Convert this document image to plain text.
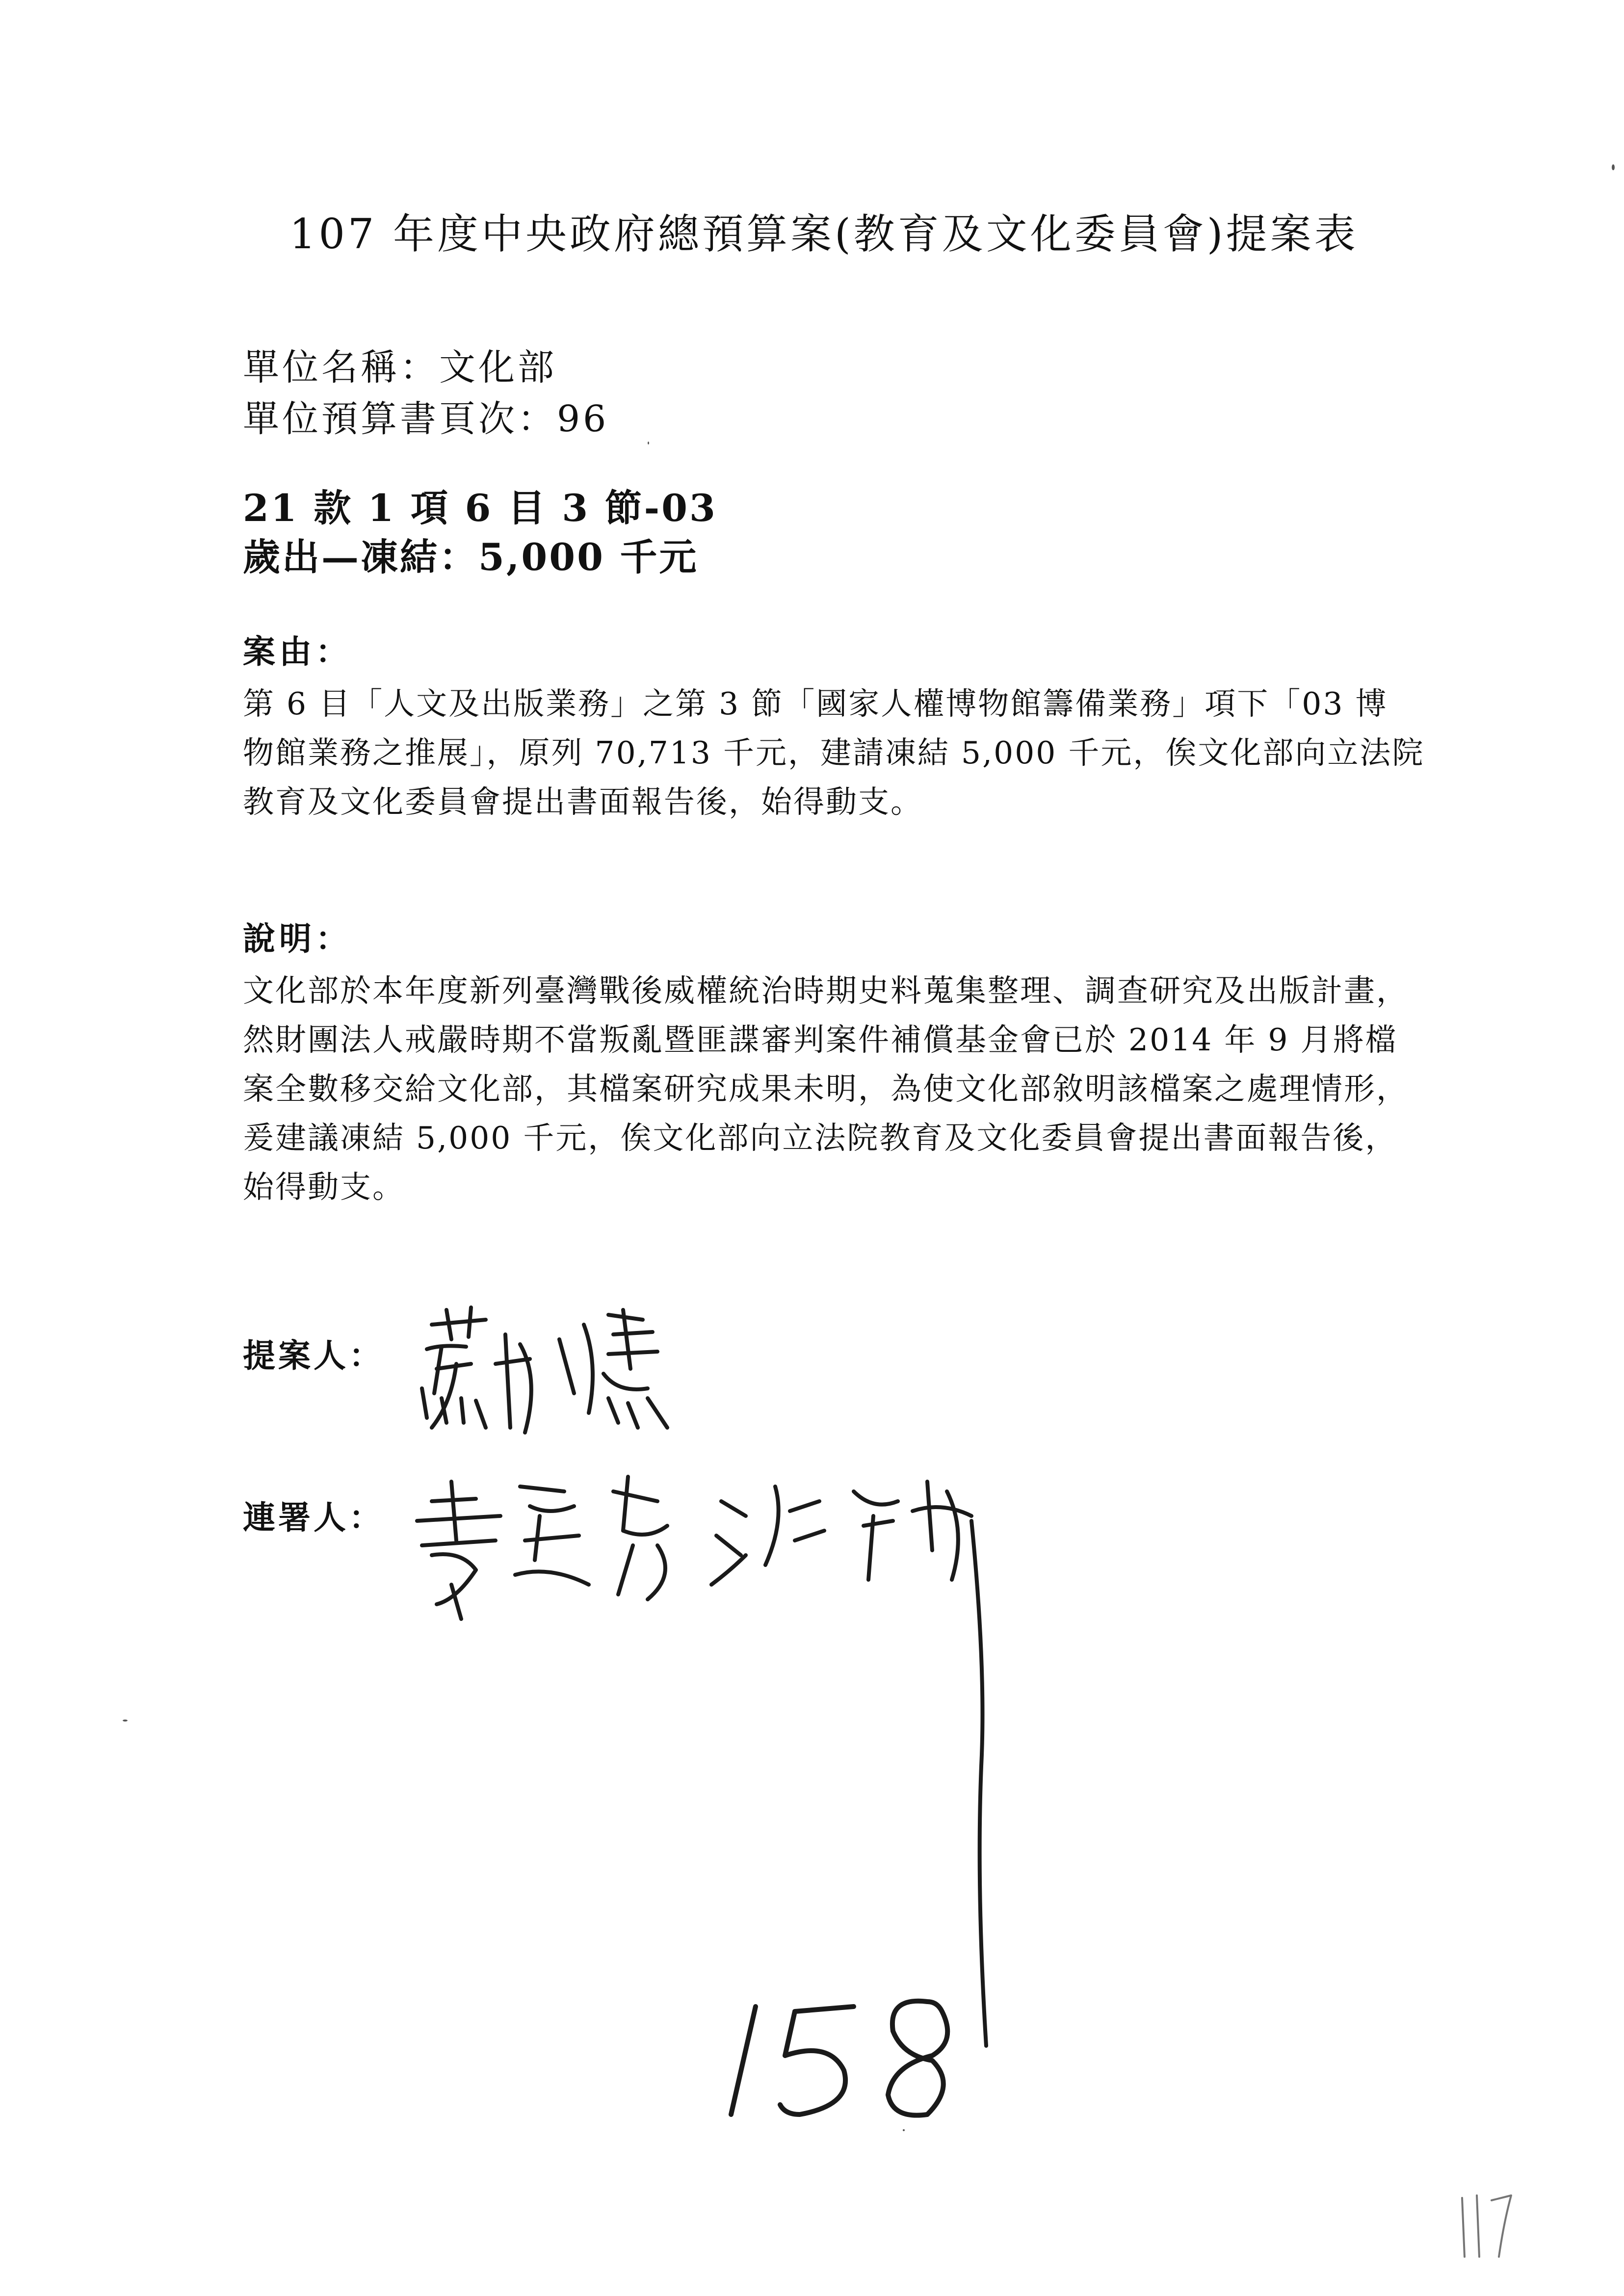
107 年度中央政府總預算案(教育及文化委員會)提案表
單位名稱：文化部
單位預算書頁次：96
21 款 1 項 6 目 3 節-03
歲出—凍結：5,000 千元
案由：
第 6 目「人文及出版業務」之第 3 節「國家人權博物館籌備業務」項下「03 博
物館業務之推展」，原列 70,713 千元，建請凍結 5,000 千元，俟文化部向立法院
教育及文化委員會提出書面報告後，始得動支。
說明：
文化部於本年度新列臺灣戰後威權統治時期史料蒐集整理、調查研究及出版計畫，
然財團法人戒嚴時期不當叛亂暨匪諜審判案件補償基金會已於 2014 年 9 月將檔
案全數移交給文化部，其檔案研究成果未明，為使文化部敘明該檔案之處理情形，
爰建議凍結 5,000 千元，俟文化部向立法院教育及文化委員會提出書面報告後，
始得動支。
提案人：
連署人：
